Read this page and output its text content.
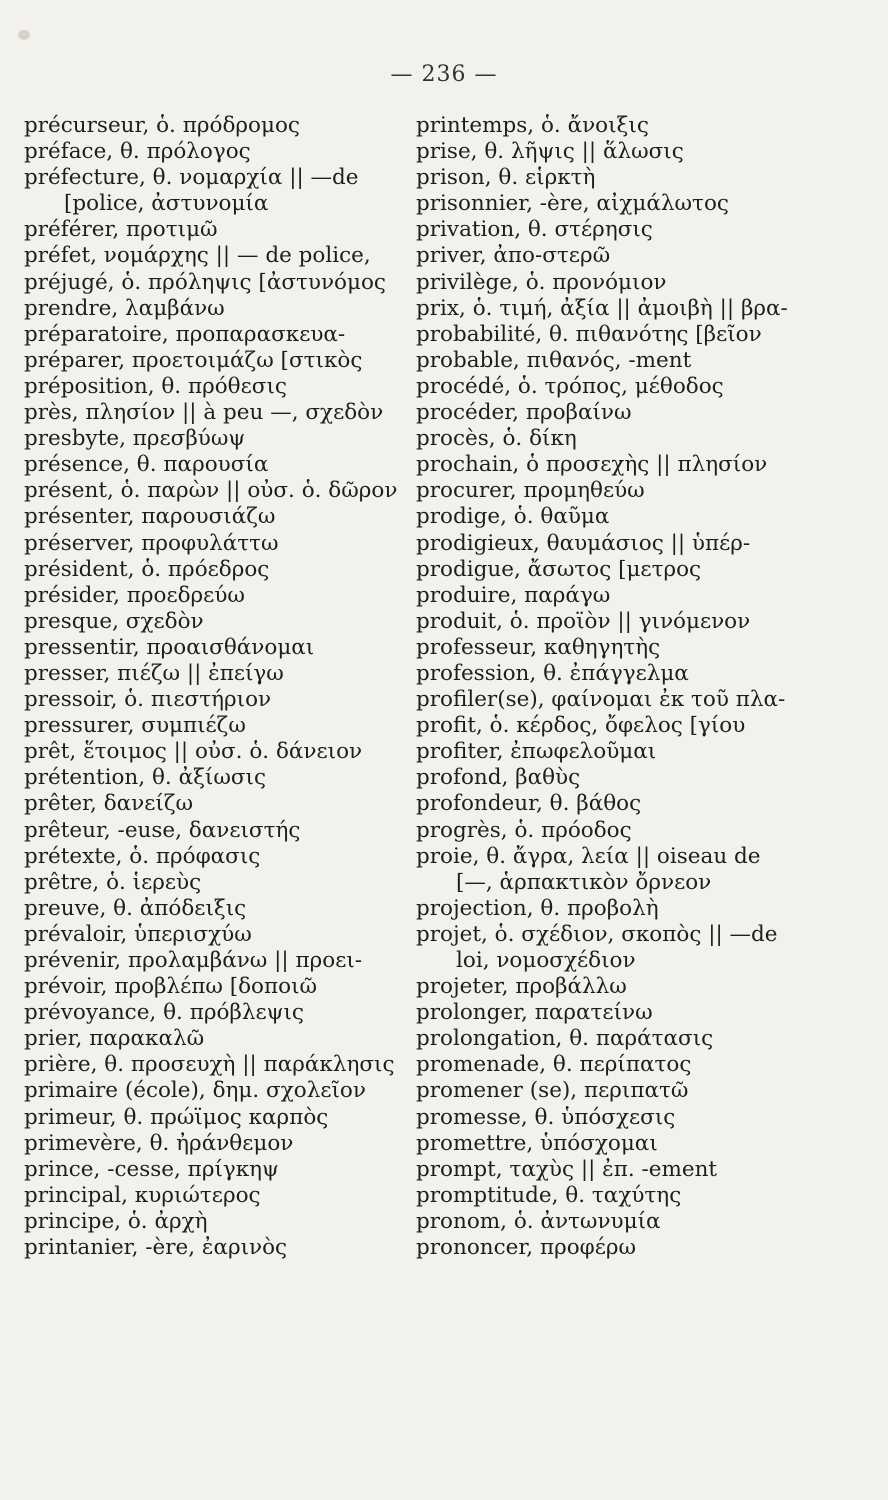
— 236 —
précurseur, ὁ. πρόδρομος
préface, θ. πρόλογος
préfecture, θ. νομαρχία || —de
[police, ἀστυνομία
préférer, προτιμῶ
préfet, νομάρχης || — de police,
préjugé, ὁ. πρόληψις [ἀστυνόμος
prendre, λαμβάνω
préparatoire, προπαρασκευα-
préparer, προετοιμάζω [στικὸς
préposition, θ. πρόθεσις
près, πλησίον || à peu —, σχεδὸν
presbyte, πρεσβύωψ
présence, θ. παρουσία
présent, ὁ. παρὼν || οὐσ. ὁ. δῶρον
présenter, παρουσιάζω
préserver, προφυλάττω
président, ὁ. πρόεδρος
présider, προεδρεύω
presque, σχεδὸν
pressentir, προαισθάνομαι
presser, πιέζω || ἐπείγω
pressoir, ὁ. πιεστήριον
pressurer, συμπιέζω
prêt, ἕτοιμος || οὐσ. ὁ. δάνειον
prétention, θ. ἀξίωσις
prêter, δανείζω
prêteur, -euse, δανειστής
prétexte, ὁ. πρόφασις
prêtre, ὁ. ἱερεὺς
preuve, θ. ἀπόδειξις
prévaloir, ὑπερισχύω
prévenir, προλαμβάνω || προει-
prévoir, προβλέπω [δοποιῶ
prévoyance, θ. πρόβλεψις
prier, παρακαλῶ
prière, θ. προσευχὴ || παράκλησις
primaire (école), δημ. σχολεῖον
primeur, θ. πρώϊμος καρπὸς
primevère, θ. ἠράνθεμον
prince, -cesse, πρίγκηψ
principal, κυριώτερος
principe, ὁ. ἀρχὴ
printanier, -ère, ἐαρινὸς
printemps, ὁ. ἄνοιξις
prise, θ. λῆψις || ἅλωσις
prison, θ. εἱρκτὴ
prisonnier, -ère, αἰχμάλωτος
privation, θ. στέρησις
priver, ἀπο-στερῶ
privilège, ὁ. προνόμιον
prix, ὁ. τιμή, ἀξία || ἀμοιβὴ || βρα-
probabilité, θ. πιθανότης [βεῖον
probable, πιθανός, -ment
procédé, ὁ. τρόπος, μέθοδος
procéder, προβαίνω
procès, ὁ. δίκη
prochain, ὁ προσεχὴς || πλησίον
procurer, προμηθεύω
prodige, ὁ. θαῦμα
prodigieux, θαυμάσιος || ὑπέρ-
prodigue, ἄσωτος [μετρος
produire, παράγω
produit, ὁ. προϊὸν || γινόμενον
professeur, καθηγητὴς
profession, θ. ἐπάγγελμα
profiler(se), φαίνομαι ἐκ τοῦ πλα-
profit, ὁ. κέρδος, ὄφελος [γίου
profiter, ἐπωφελοῦμαι
profond, βαθὺς
profondeur, θ. βάθος
progrès, ὁ. πρόοδος
proie, θ. ἄγρα, λεία || oiseau de
[—, ἁρπακτικὸν ὄρνεον
projection, θ. προβολὴ
projet, ὁ. σχέδιον, σκοπὸς || —de
loi, νομοσχέδιον
projeter, προβάλλω
prolonger, παρατείνω
prolongation, θ. παράτασις
promenade, θ. περίπατος
promener (se), περιπατῶ
promesse, θ. ὑπόσχεσις
promettre, ὑπόσχομαι
prompt, ταχὺς || ἐπ. -ement
promptitude, θ. ταχύτης
pronom, ὁ. ἀντωνυμία
prononcer, προφέρω
